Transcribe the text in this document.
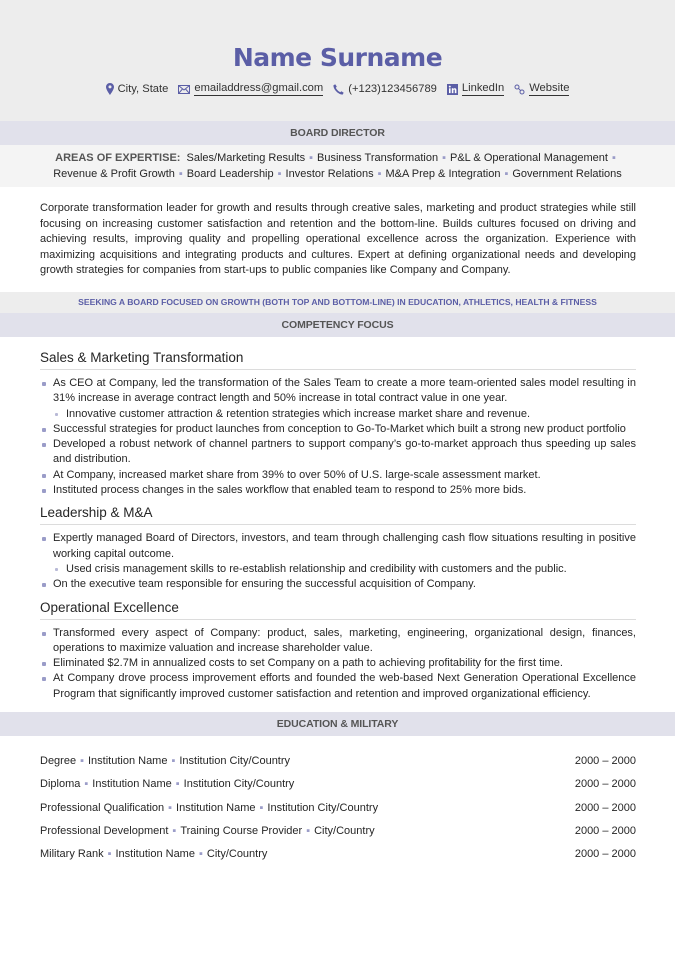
Name Surname
City, State emailaddress@gmail.com (+123)123456789 LinkedIn Website
BOARD DIRECTOR
AREAS OF EXPERTISE: Sales/Marketing Results ▪ Business Transformation ▪ P&L & Operational Management ▪
Revenue & Profit Growth ▪ Board Leadership ▪ Investor Relations ▪ M&A Prep & Integration ▪ Government Relations
Corporate transformation leader for growth and results through creative sales, marketing and product strategies while still focusing on increasing customer satisfaction and retention and the bottom-line. Builds cultures focused on driving and achieving results, improving quality and propelling operational excellence across the organization. Experience with maximizing acquisitions and integrating products and cultures. Expert at defining organizational needs and developing growth strategies for companies from start-ups to public companies like Company and Company.
SEEKING A BOARD FOCUSED ON GROWTH (BOTH TOP AND BOTTOM-LINE) IN EDUCATION, ATHLETICS, HEALTH & FITNESS
COMPETENCY FOCUS
Sales & Marketing Transformation
As CEO at Company, led the transformation of the Sales Team to create a more team-oriented sales model resulting in 31% increase in average contract length and 50% increase in total contract value in one year.
Innovative customer attraction & retention strategies which increase market share and revenue.
Successful strategies for product launches from conception to Go-To-Market which built a strong new product portfolio
Developed a robust network of channel partners to support company’s go-to-market approach thus speeding up sales and distribution.
At Company, increased market share from 39% to over 50% of U.S. large-scale assessment market.
Instituted process changes in the sales workflow that enabled team to respond to 25% more bids.
Leadership & M&A
Expertly managed Board of Directors, investors, and team through challenging cash flow situations resulting in positive working capital outcome.
Used crisis management skills to re-establish relationship and credibility with customers and the public.
On the executive team responsible for ensuring the successful acquisition of Company.
Operational Excellence
Transformed every aspect of Company: product, sales, marketing, engineering, organizational design, finances, operations to maximize valuation and increase shareholder value.
Eliminated $2.7M in annualized costs to set Company on a path to achieving profitability for the first time.
At Company drove process improvement efforts and founded the web-based Next Generation Operational Excellence Program that significantly improved customer satisfaction and retention and improved organizational efficiency.
EDUCATION & MILITARY
Degree ▪ Institution Name ▪ Institution City/Country	2000 – 2000
Diploma ▪ Institution Name ▪ Institution City/Country	2000 – 2000
Professional Qualification ▪ Institution Name ▪ Institution City/Country	2000 – 2000
Professional Development ▪ Training Course Provider ▪ City/Country	2000 – 2000
Military Rank ▪ Institution Name ▪ City/Country	2000 – 2000
